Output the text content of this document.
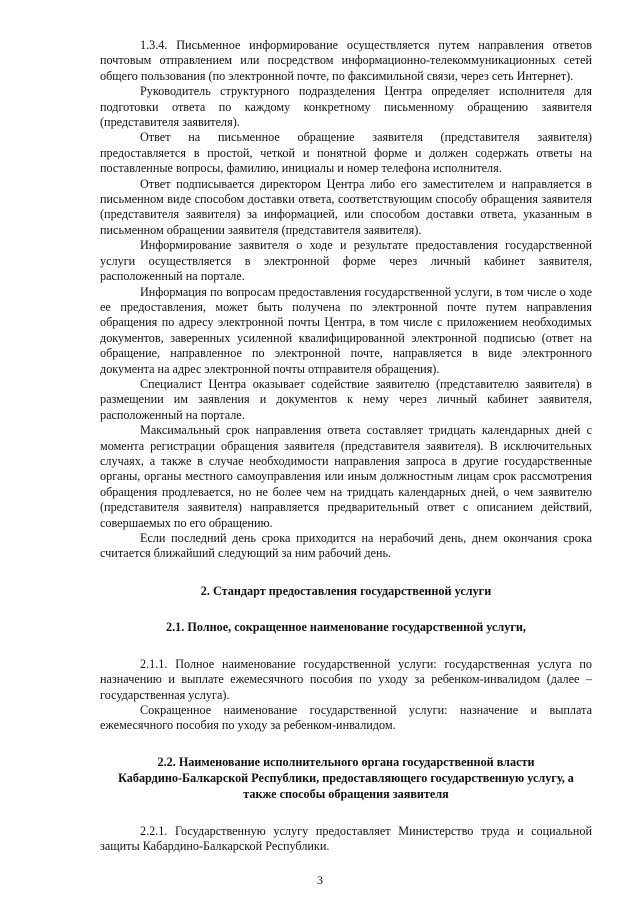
1.3.4. Письменное информирование осуществляется путем направления ответов почтовым отправлением или посредством информационно-телекоммуникационных сетей общего пользования (по электронной почте, по факсимильной связи, через сеть Интернет).

Руководитель структурного подразделения Центра определяет исполнителя для подготовки ответа по каждому конкретному письменному обращению заявителя (представителя заявителя).

Ответ на письменное обращение заявителя (представителя заявителя) предоставляется в простой, четкой и понятной форме и должен содержать ответы на поставленные вопросы, фамилию, инициалы и номер телефона исполнителя.

Ответ подписывается директором Центра либо его заместителем и направляется в письменном виде способом доставки ответа, соответствующим способу обращения заявителя (представителя заявителя) за информацией, или способом доставки ответа, указанным в письменном обращении заявителя (представителя заявителя).

Информирование заявителя о ходе и результате предоставления государственной услуги осуществляется в электронной форме через личный кабинет заявителя, расположенный на портале.

Информация по вопросам предоставления государственной услуги, в том числе о ходе ее предоставления, может быть получена по электронной почте путем направления обращения по адресу электронной почты Центра, в том числе с приложением необходимых документов, заверенных усиленной квалифицированной электронной подписью (ответ на обращение, направленное по электронной почте, направляется в виде электронного документа на адрес электронной почты отправителя обращения).

Специалист Центра оказывает содействие заявителю (представителю заявителя) в размещении им заявления и документов к нему через личный кабинет заявителя, расположенный на портале.

Максимальный срок направления ответа составляет тридцать календарных дней с момента регистрации обращения заявителя (представителя заявителя). В исключительных случаях, а также в случае необходимости направления запроса в другие государственные органы, органы местного самоуправления или иным должностным лицам срок рассмотрения обращения продлевается, но не более чем на тридцать календарных дней, о чем заявителю (представителя заявителя) направляется предварительный ответ с описанием действий, совершаемых по его обращению.

Если последний день срока приходится на нерабочий день, днем окончания срока считается ближайший следующий за ним рабочий день.

2. Стандарт предоставления государственной услуги

2.1. Полное, сокращенное наименование государственной услуги,

2.1.1. Полное наименование государственной услуги: государственная услуга по назначению и выплате ежемесячного пособия по уходу за ребенком-инвалидом (далее – государственная услуга).

Сокращенное наименование государственной услуги: назначение и выплата ежемесячного пособия по уходу за ребенком-инвалидом.

2.2. Наименование исполнительного органа государственной власти

Кабардино-Балкарской Республики, предоставляющего государственную услугу, а

также способы обращения заявителя

2.2.1. Государственную услугу предоставляет Министерство труда и социальной защиты Кабардино-Балкарской Республики.

3
